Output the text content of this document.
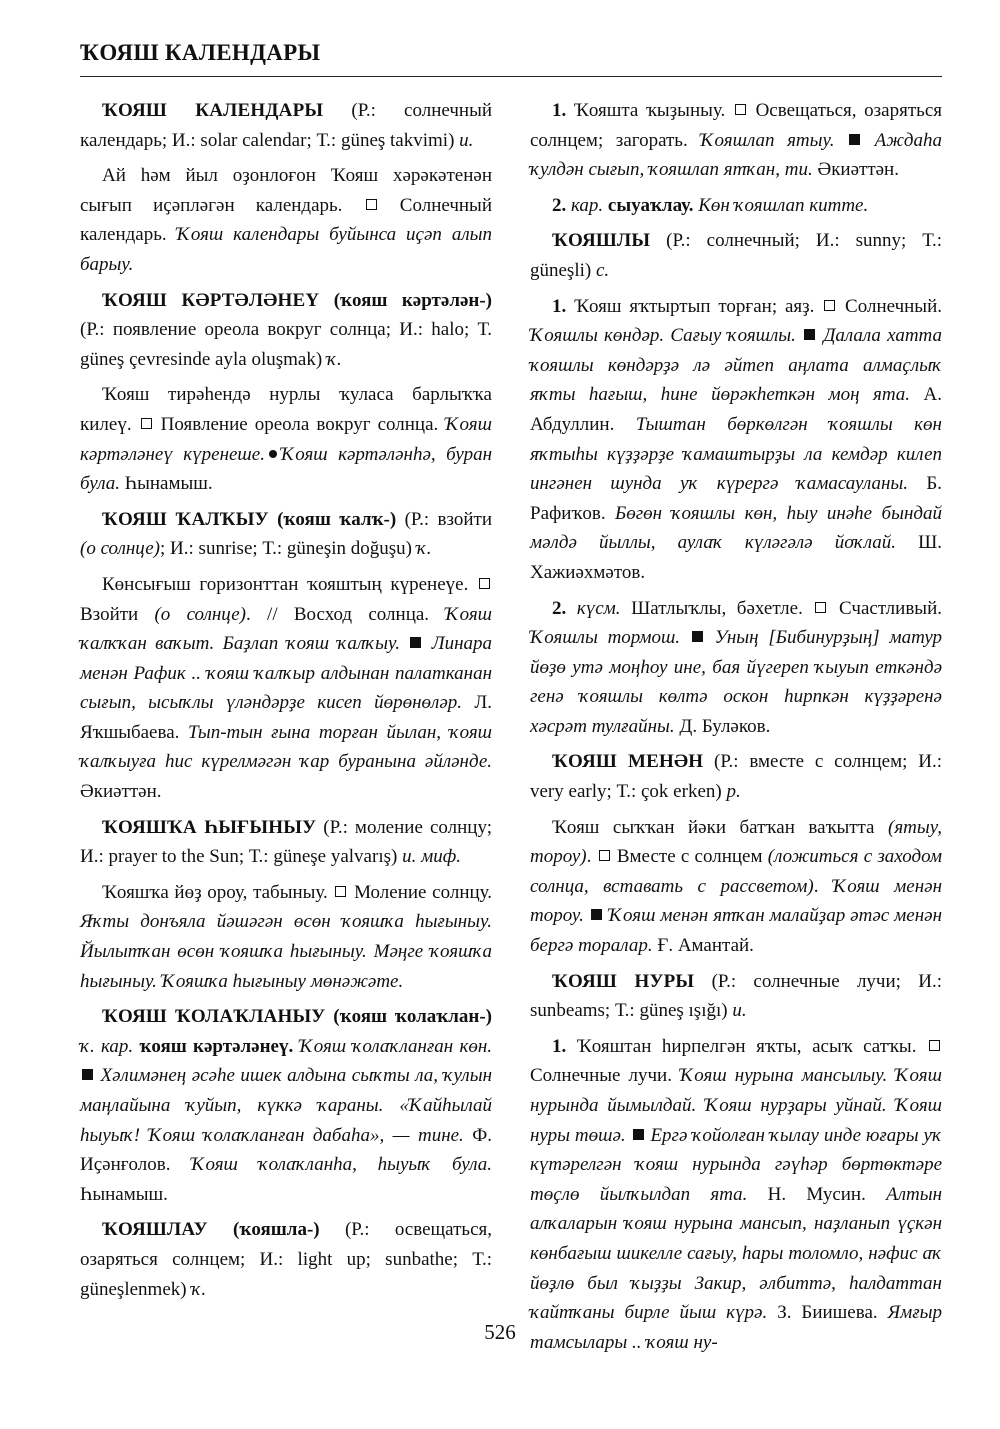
ҠОЯШ КАЛЕНДАРЫ

ҠОЯШ КАЛЕНДАРЫ (Р.: солнечный календарь; И.: solar calendar; Т.: güneş takvimi) и.

Ай һәм йыл оҙонлоғон Ҡояш хәрәкәтенән сығып иҫәпләгән календарь.  Солнечный календарь. Ҡояш календары буйынса иҫәп алып барыу.

ҠОЯШ КӘРТӘЛӘНЕҮ (ҡояш кәртәлән-) (Р.: появление ореола вокруг солнца; И.: halo; Т. güneş çevresinde ayla oluşmak) ҡ.

Ҡояш тирәһендә нурлы ҡуласа барлыҡҡа килеү.  Появление ореола вокруг солнца. Ҡояш кәртәләнеү күренеше. Ҡояш кәртәләнһә, буран була. Һынамыш.

ҠОЯШ ҠАЛҠЫУ (ҡояш ҡалҡ-) (Р.: взойти (о солнце); И.: sunrise; Т.: güneşin doğuşu) ҡ.

Көнсығыш горизонттан ҡояштың күренеүе.  Взойти (о солнце). // Восход солнца. Ҡояш ҡалҡҡан ваҡыт. Баҙлап ҡояш ҡалҡыу. Линара менән Рафик .. ҡояш ҡалҡыр алдынан палатканан сығып, ысыҡлы үләндәрҙе кисеп йөрөнөләр. Л. Яҡшыбаева. Тып-тын ғына торған йылан, ҡояш ҡалҡыуға һис күрелмәгән ҡар буранына әйләнде. Әкиәттән.

ҠОЯШҠА ҺЫҒЫНЫУ (Р.: моление солнцу; И.: prayer to the Sun; Т.: güneşe yalvarış) и. миф.

Ҡояшҡа йөҙ ороу, табыныу.  Моление солнцу. Яҡты донъяла йәшәгән өсөн ҡояшҡа һығыныу. Йылытҡан өсөн ҡояшҡа һығыныу. Мәңге ҡояшҡа һығыныу. Ҡояшҡа һығыныу мөнәжәте.

ҠОЯШ ҠОЛАҠЛАНЫУ (ҡояш ҡолаҡлан-) ҡ. кар. ҡояш кәртәләнеү. Ҡояш ҡолаҡланған көн.  Хәлимәнең әсәһе ишек алдына сыҡты ла, ҡулын маңлайына ҡуйып, күккә ҡараны. «Ҡайһылай һыуыҡ! Ҡояш ҡолаҡланған дабаһа», — тине. Ф. Иҫәнғолов. Ҡояш ҡолаҡланһа, һыуыҡ була. Һынамыш.

ҠОЯШЛАУ (ҡояшла-) (Р.: освещаться, озаряться солнцем; И.: light up; sunbathe; Т.: güneşlenmek) ҡ.

1. Ҡояшта ҡыҙыныу.  Освещаться, озаряться солнцем; загорать. Ҡояшлап ятыу. Аждаһа ҡулдән сығып, ҡояшлап ятҡан, ти. Әкиәттән.

2. кар. сыуаҡлау. Көн ҡояшлап китте.

ҠОЯШЛЫ (Р.: солнечный; И.: sunny; Т.: güneşli) с.

1. Ҡояш яҡтыртып торған; аяҙ.  Солнечный. Ҡояшлы көндәр. Сағыу ҡояшлы. Далала хатта ҡояшлы көндәрҙә лә әйтеп аңлата алмаҫлыҡ яҡты һағыш, һине йөрәкһеткән моң ята. А. Абдуллин. Тыштан бөркөлгән ҡояшлы көн яҡтыһы күҙҙәрҙе ҡамаштырҙы ла кемдәр килеп ингәнен шунда уҡ күрергә ҡамасауланы. Б. Рафиҡов. Бөгөн ҡояшлы көн, һыу инәһе бындай мәлдә йыллы, аулаҡ күләгәлә йоҡлай. Ш. Хажиәхмәтов.

2. күсм. Шатлыҡлы, бәхетле.  Счастливый. Ҡояшлы тормош. Уның [Бибинурҙың] матур йөҙө утә моңһоу ине, бая йүгереп ҡыуып еткәндә генә ҡояшлы көлтә оскон һирпкән күҙҙәренә хәсрәт тулғайны. Д. Буләков.

ҠОЯШ МЕНӘН (Р.: вместе с солнцем; И.: very early; Т.: çok erken) р.

Ҡояш сыҡҡан йәки батҡан ваҡытта (ятыу, тороу).  Вместе с солнцем (ложиться с заходом солнца, вставать с рассветом). Ҡояш менән тороу. Ҡояш менән ятҡан малайҙар әтәс менән бергә торалар. Ғ. Амантай.

ҠОЯШ НУРЫ (Р.: солнечные лучи; И.: sunbeams; Т.: güneş ışığı) и.

1. Ҡояштан һирпелгән яҡты, асыҡ сатҡы.  Солнечные лучи. Ҡояш нурына мансылыу. Ҡояш нурында йымылдай. Ҡояш нурҙары уйнай. Ҡояш нуры төшә. Ергә ҡойолған ҡылау инде юғары уҡ күтәрелгән ҡояш нурында гәүһәр бөртөктәре төҫлө йылҡылдап ята. Н. Мусин. Алтын алҡаларын ҡояш нурына мансып, наҙланып үҫкән көнбағыш шикелле сағыу, һары толомло, нәфис аҡ йөҙлө был ҡыҙҙы Закир, әлбиттә, һалдаттан ҡайтҡаны бирле йыш күрә. З. Биишева. Ямғыр тамсылары .. ҡояш ну-

526
